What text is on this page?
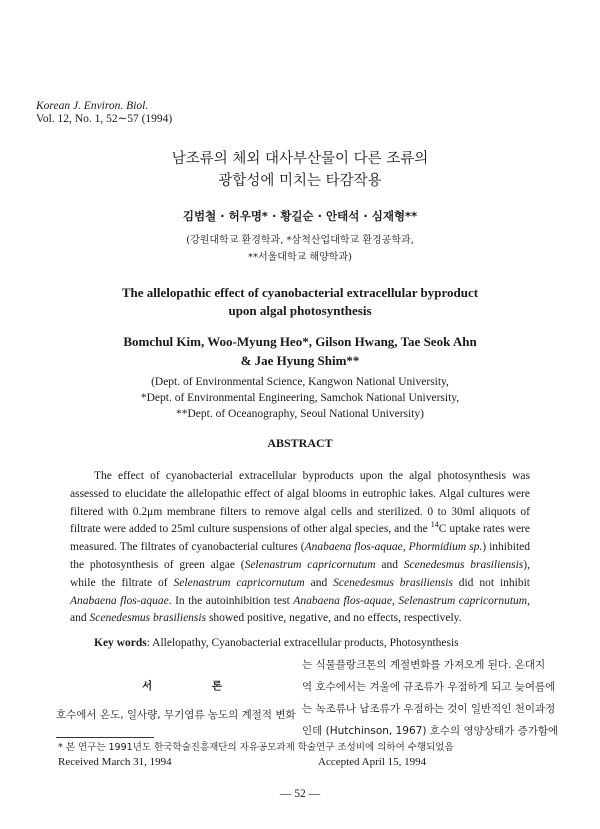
Korean J. Environ. Biol.
Vol. 12, No. 1, 52∼57 (1994)
남조류의 체외 대사부산물이 다른 조류의
광합성에 미치는 타감작용
김범철 · 허우명* · 황길순 · 안태석 · 심재형**
(강원대학교 환경학과, *삼척산업대학교 환경공학과,
**서울대학교 해양학과)
The allelopathic effect of cyanobacterial extracellular byproduct
upon algal photosynthesis
Bomchul Kim, Woo-Myung Heo*, Gilson Hwang, Tae Seok Ahn
& Jae Hyung Shim**
(Dept. of Environmental Science, Kangwon National University,
*Dept. of Environmental Engineering, Samchok National University,
**Dept. of Oceanography, Seoul National University)
ABSTRACT

The effect of cyanobacterial extracellular byproducts upon the algal photosynthesis was assessed to elucidate the allelopathic effect of algal blooms in eutrophic lakes. Algal cultures were filtered with 0.2μm membrane filters to remove algal cells and sterilized. 0 to 30ml aliquots of filtrate were added to 25ml culture suspensions of other algal species, and the $^{14}$C uptake rates were measured. The filtrates of cyanobacterial cultures (Anabaena flos-aquae, Phormidium sp.) inhibited the photosynthesis of green algae (Selenastrum capricornutum and Scenedesmus brasiliensis), while the filtrate of Selenastrum capricornutum and Scenedesmus brasiliensis did not inhibit Anabaena flos-aquae. In the autoinhibition test Anabaena flos-aquae, Selenastrum capricornutum, and Scenedesmus brasiliensis showed positive, negative, and no effects, respectively.

Key words: Allelopathy, Cyanobacterial extracellular products, Photosynthesis
서 론
호수에서 온도, 일사량, 무기염류 농도의 계절적 변화
는 식물플랑크톤의 계절변화를 가져오게 된다. 온대지
역 호수에서는 겨울에 규조류가 우점하게 되고 늦여름에
는 녹조류나 남조류가 우점하는 것이 일반적인 천이과정
인데 (Hutchinson, 1967) 호수의 영양상태가 증가함에
* 본 연구는 1991년도 한국학술진흥재단의 자유공모과제 학술연구 조성비에 의하여 수행되었음
Received March 31, 1994	Accepted April 15, 1994
— 52 —
